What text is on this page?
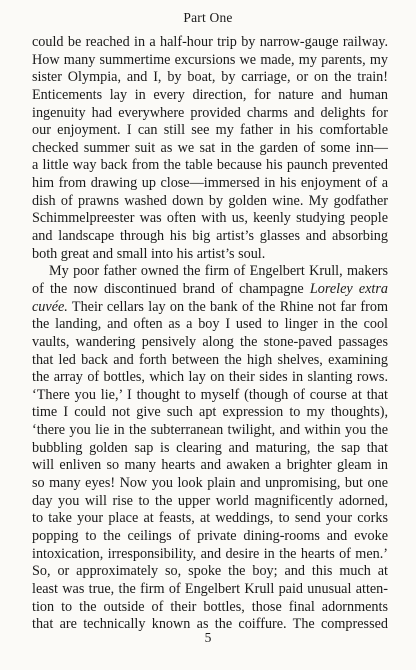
Part One
could be reached in a half-hour trip by narrow-gauge railway.
How many summertime excursions we made, my parents, my
sister Olympia, and I, by boat, by carriage, or on the train!
Enticements lay in every direction, for nature and human
ingenuity had everywhere provided charms and delights for
our enjoyment. I can still see my father in his comfortable
checked summer suit as we sat in the garden of some inn—
a little way back from the table because his paunch prevented
him from drawing up close—immersed in his enjoyment of a
dish of prawns washed down by golden wine. My godfather
Schimmelpreester was often with us, keenly studying people
and landscape through his big artist’s glasses and absorbing
both great and small into his artist’s soul.
My poor father owned the firm of Engelbert Krull, makers
of the now discontinued brand of champagne Loreley extra
cuvée. Their cellars lay on the bank of the Rhine not far from
the landing, and often as a boy I used to linger in the cool
vaults, wandering pensively along the stone-paved passages
that led back and forth between the high shelves, examining
the array of bottles, which lay on their sides in slanting rows.
‘There you lie,’ I thought to myself (though of course at that
time I could not give such apt expression to my thoughts),
‘there you lie in the subterranean twilight, and within you the
bubbling golden sap is clearing and maturing, the sap that
will enliven so many hearts and awaken a brighter gleam in
so many eyes! Now you look plain and unpromising, but one
day you will rise to the upper world magnificently adorned,
to take your place at feasts, at weddings, to send your corks
popping to the ceilings of private dining-rooms and evoke
intoxication, irresponsibility, and desire in the hearts of men.’
So, or approximately so, spoke the boy; and this much at
least was true, the firm of Engelbert Krull paid unusual atten-
tion to the outside of their bottles, those final adornments
that are technically known as the coiffure. The compressed
5
